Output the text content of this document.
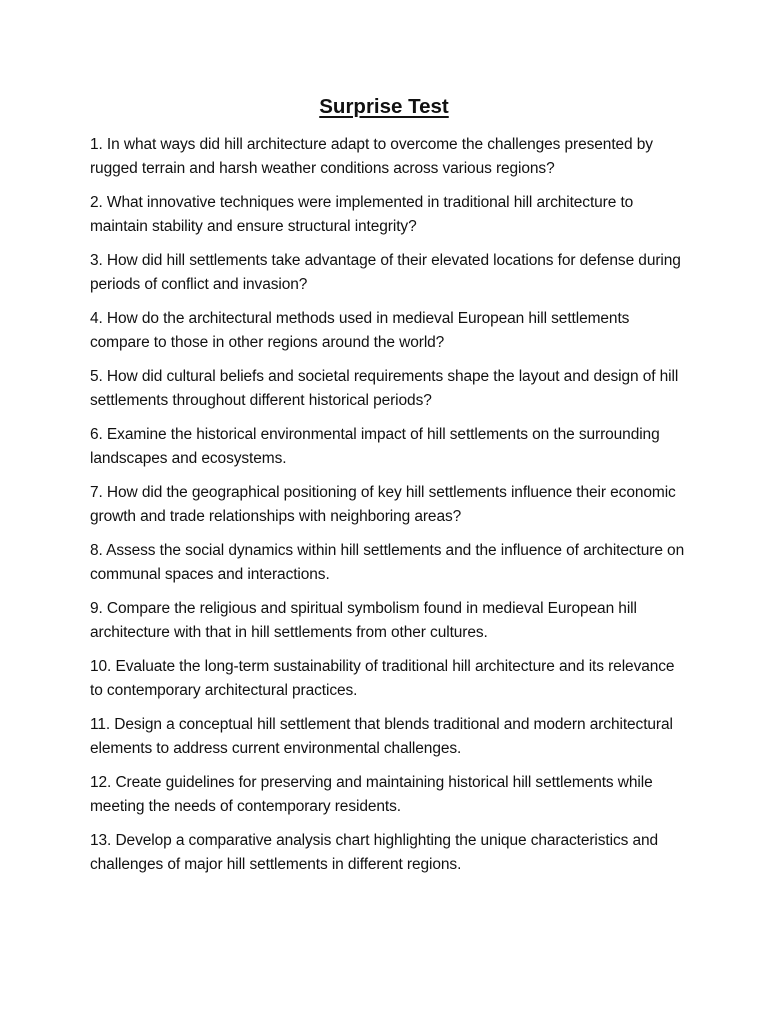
Surprise Test
1. In what ways did hill architecture adapt to overcome the challenges presented by rugged terrain and harsh weather conditions across various regions?
2. What innovative techniques were implemented in traditional hill architecture to maintain stability and ensure structural integrity?
3. How did hill settlements take advantage of their elevated locations for defense during periods of conflict and invasion?
4. How do the architectural methods used in medieval European hill settlements compare to those in other regions around the world?
5. How did cultural beliefs and societal requirements shape the layout and design of hill settlements throughout different historical periods?
6. Examine the historical environmental impact of hill settlements on the surrounding landscapes and ecosystems.
7. How did the geographical positioning of key hill settlements influence their economic growth and trade relationships with neighboring areas?
8. Assess the social dynamics within hill settlements and the influence of architecture on communal spaces and interactions.
9. Compare the religious and spiritual symbolism found in medieval European hill architecture with that in hill settlements from other cultures.
10. Evaluate the long-term sustainability of traditional hill architecture and its relevance to contemporary architectural practices.
11. Design a conceptual hill settlement that blends traditional and modern architectural elements to address current environmental challenges.
12. Create guidelines for preserving and maintaining historical hill settlements while meeting the needs of contemporary residents.
13. Develop a comparative analysis chart highlighting the unique characteristics and challenges of major hill settlements in different regions.
